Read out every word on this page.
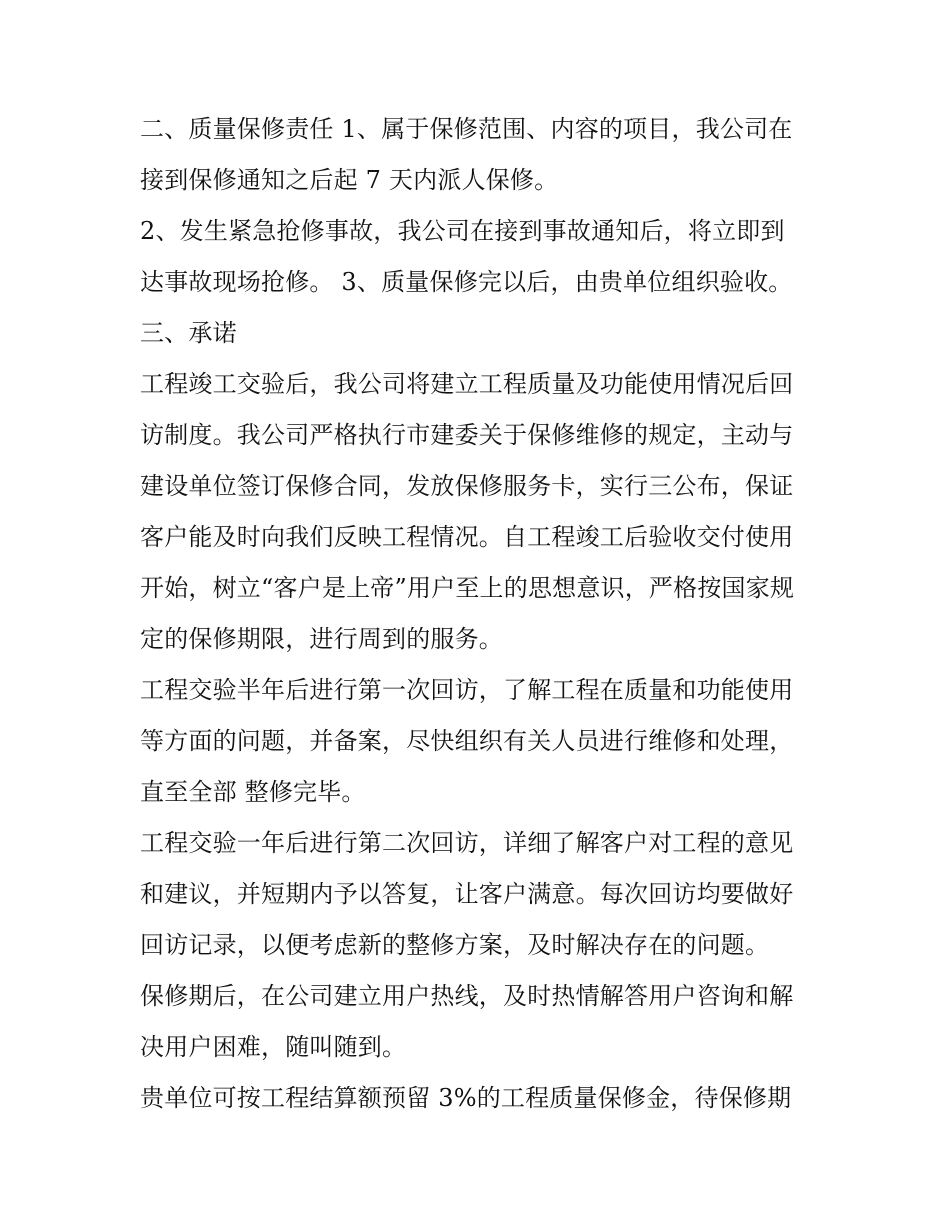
二、质量保修责任 1、属于保修范围、内容的项目，我公司在
接到保修通知之后起 7 天内派人保修。
2、发生紧急抢修事故，我公司在接到事故通知后，将立即到
达事故现场抢修。 3、质量保修完以后，由贵单位组织验收。
三、承诺
工程竣工交验后，我公司将建立工程质量及功能使用情况后回
访制度。我公司严格执行市建委关于保修维修的规定，主动与
建设单位签订保修合同，发放保修服务卡，实行三公布，保证
客户能及时向我们反映工程情况。自工程竣工后验收交付使用
开始，树立“客户是上帝”用户至上的思想意识，严格按国家规
定的保修期限，进行周到的服务。
工程交验半年后进行第一次回访，了解工程在质量和功能使用
等方面的问题，并备案，尽快组织有关人员进行维修和处理，
直至全部 整修完毕。
工程交验一年后进行第二次回访，详细了解客户对工程的意见
和建议，并短期内予以答复，让客户满意。每次回访均要做好
回访记录，以便考虑新的整修方案，及时解决存在的问题。
保修期后，在公司建立用户热线，及时热情解答用户咨询和解
决用户困难，随叫随到。
贵单位可按工程结算额预留 3%的工程质量保修金，待保修期
